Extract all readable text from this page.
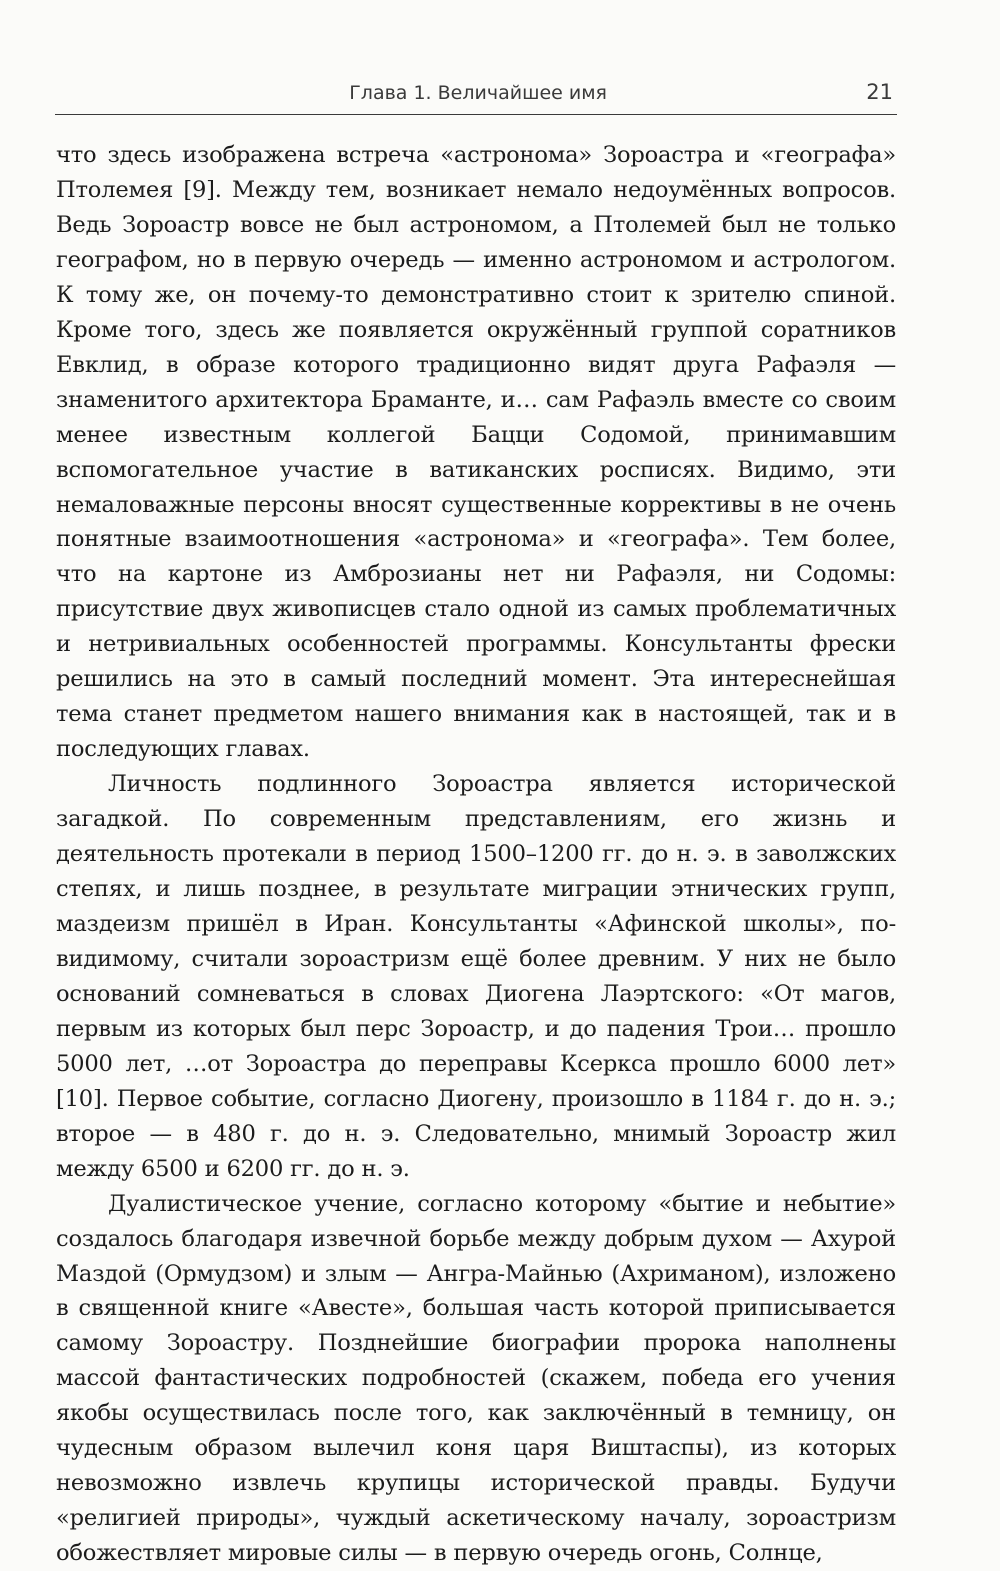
Глава 1. Величайшее имя	21

что здесь изображена встреча «астронома» Зороастра и «географа» Птолемея [9]. Между тем, возникает немало недоумённых вопросов. Ведь Зороастр вовсе не был астрономом, а Птолемей был не только географом, но в первую очередь — именно астрономом и астрологом. К тому же, он почему-то демонстративно стоит к зрителю спиной. Кроме того, здесь же появляется окружённый группой соратников Евклид, в образе которого традиционно видят друга Рафаэля — знаменитого архитектора Браманте, и… сам Рафаэль вместе со своим менее известным коллегой Бацци Содомой, принимавшим вспомогательное участие в ватиканских росписях. Видимо, эти немаловажные персоны вносят существенные коррективы в не очень понятные взаимоотношения «астронома» и «географа». Тем более, что на картоне из Амброзианы нет ни Рафаэля, ни Содомы: присутствие двух живописцев стало одной из самых проблематичных и нетривиальных особенностей программы. Консультанты фрески решились на это в самый последний момент. Эта интереснейшая тема станет предметом нашего внимания как в настоящей, так и в последующих главах.

Личность подлинного Зороастра является исторической загадкой. По современным представлениям, его жизнь и деятельность протекали в период 1500–1200 гг. до н. э. в заволжских степях, и лишь позднее, в результате миграции этнических групп, маздеизм пришёл в Иран. Консультанты «Афинской школы», по-видимому, считали зороастризм ещё более древним. У них не было оснований сомневаться в словах Диогена Лаэртского: «От магов, первым из которых был перс Зороастр, и до падения Трои… прошло 5000 лет, …от Зороастра до переправы Ксеркса прошло 6000 лет» [10]. Первое событие, согласно Диогену, произошло в 1184 г. до н. э.; второе — в 480 г. до н. э. Следовательно, мнимый Зороастр жил между 6500 и 6200 гг. до н. э.

Дуалистическое учение, согласно которому «бытие и небытие» создалось благодаря извечной борьбе между добрым духом — Ахурой Маздой (Ормудзом) и злым — Ангра-Майнью (Ахриманом), изложено в священной книге «Авесте», большая часть которой приписывается самому Зороастру. Позднейшие биографии пророка наполнены массой фантастических подробностей (скажем, победа его учения якобы осуществилась после того, как заключённый в темницу, он чудесным образом вылечил коня царя Виштаспы), из которых невозможно извлечь крупицы исторической правды. Будучи «религией природы», чуждый аскетическому началу, зороастризм обожествляет мировые силы — в первую очередь огонь, Солнце,
